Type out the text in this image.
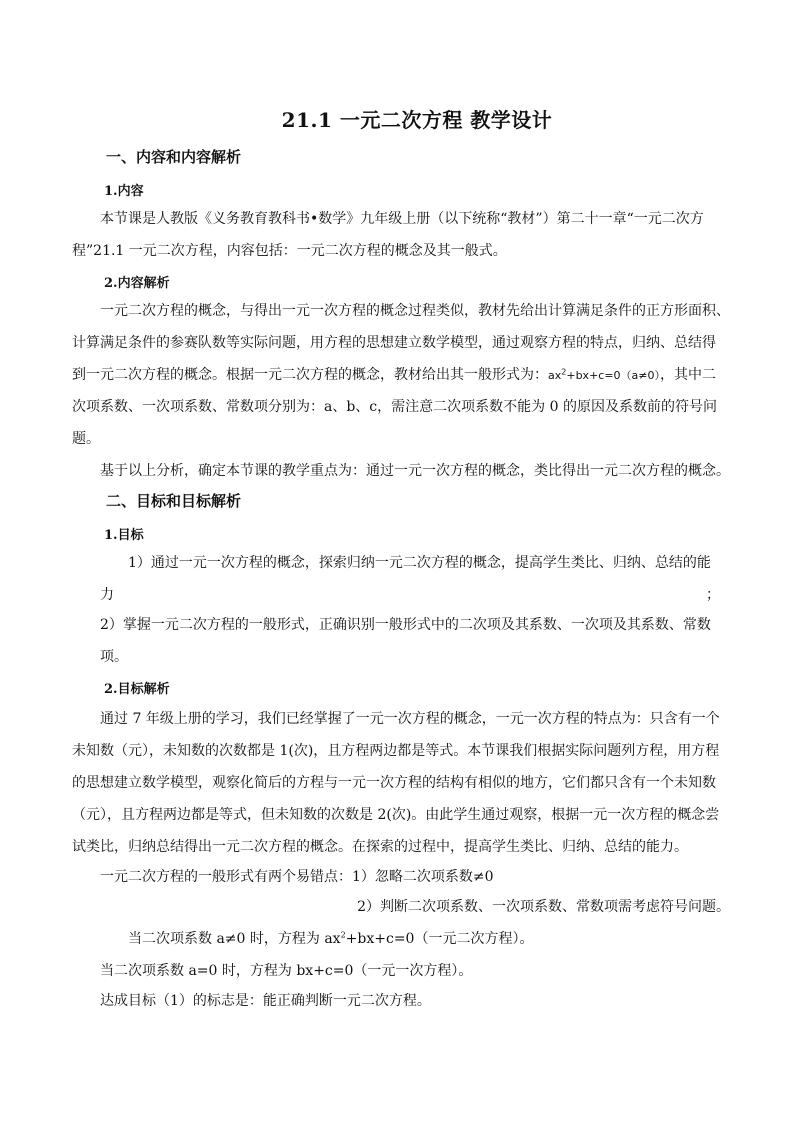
21.1 一元二次方程 教学设计
一、内容和内容解析
1.内容
本节课是人教版《义务教育教科书•数学》九年级上册（以下统称“教材”）第二十一章“一元二次方
程”21.1 一元二次方程，内容包括：一元二次方程的概念及其一般式。
2.内容解析
一元二次方程的概念，与得出一元一次方程的概念过程类似，教材先给出计算满足条件的正方形面积、
计算满足条件的参赛队数等实际问题，用方程的思想建立数学模型，通过观察方程的特点，归纳、总结得
到一元二次方程的概念。根据一元二次方程的概念，教材给出其一般形式为：$ax^2+bx+c=0(a\ne 0)$，其中二
次项系数、一次项系数、常数项分别为：a、b、c，需注意二次项系数不能为 0 的原因及系数前的符号问
题。
基于以上分析，确定本节课的教学重点为：通过一元一次方程的概念，类比得出一元二次方程的概念。
二、目标和目标解析
1.目标
1）通过一元一次方程的概念，探索归纳一元二次方程的概念，提高学生类比、归纳、总结的能
力	；
2）掌握一元二次方程的一般形式，正确识别一般形式中的二次项及其系数、一次项及其系数、常数
项。
2.目标解析
通过 7 年级上册的学习，我们已经掌握了一元一次方程的概念，一元一次方程的特点为：只含有一个
未知数（元），未知数的次数都是 1(次)，且方程两边都是等式。本节课我们根据实际问题列方程，用方程
的思想建立数学模型，观察化简后的方程与一元一次方程的结构有相似的地方，它们都只含有一个未知数
（元），且方程两边都是等式，但未知数的次数是 2(次)。由此学生通过观察，根据一元一次方程的概念尝
试类比，归纳总结得出一元二次方程的概念。在探索的过程中，提高学生类比、归纳、总结的能力。
一元二次方程的一般形式有两个易错点：1）忽略二次项系数≠0
2）判断二次项系数、一次项系数、常数项需考虑符号问题。
当二次项系数 a≠0 时，方程为 $ax^2+bx+c=0$（一元二次方程）。
当二次项系数 a=0 时，方程为 bx+c=0（一元一次方程）。
达成目标（1）的标志是：能正确判断一元二次方程。
